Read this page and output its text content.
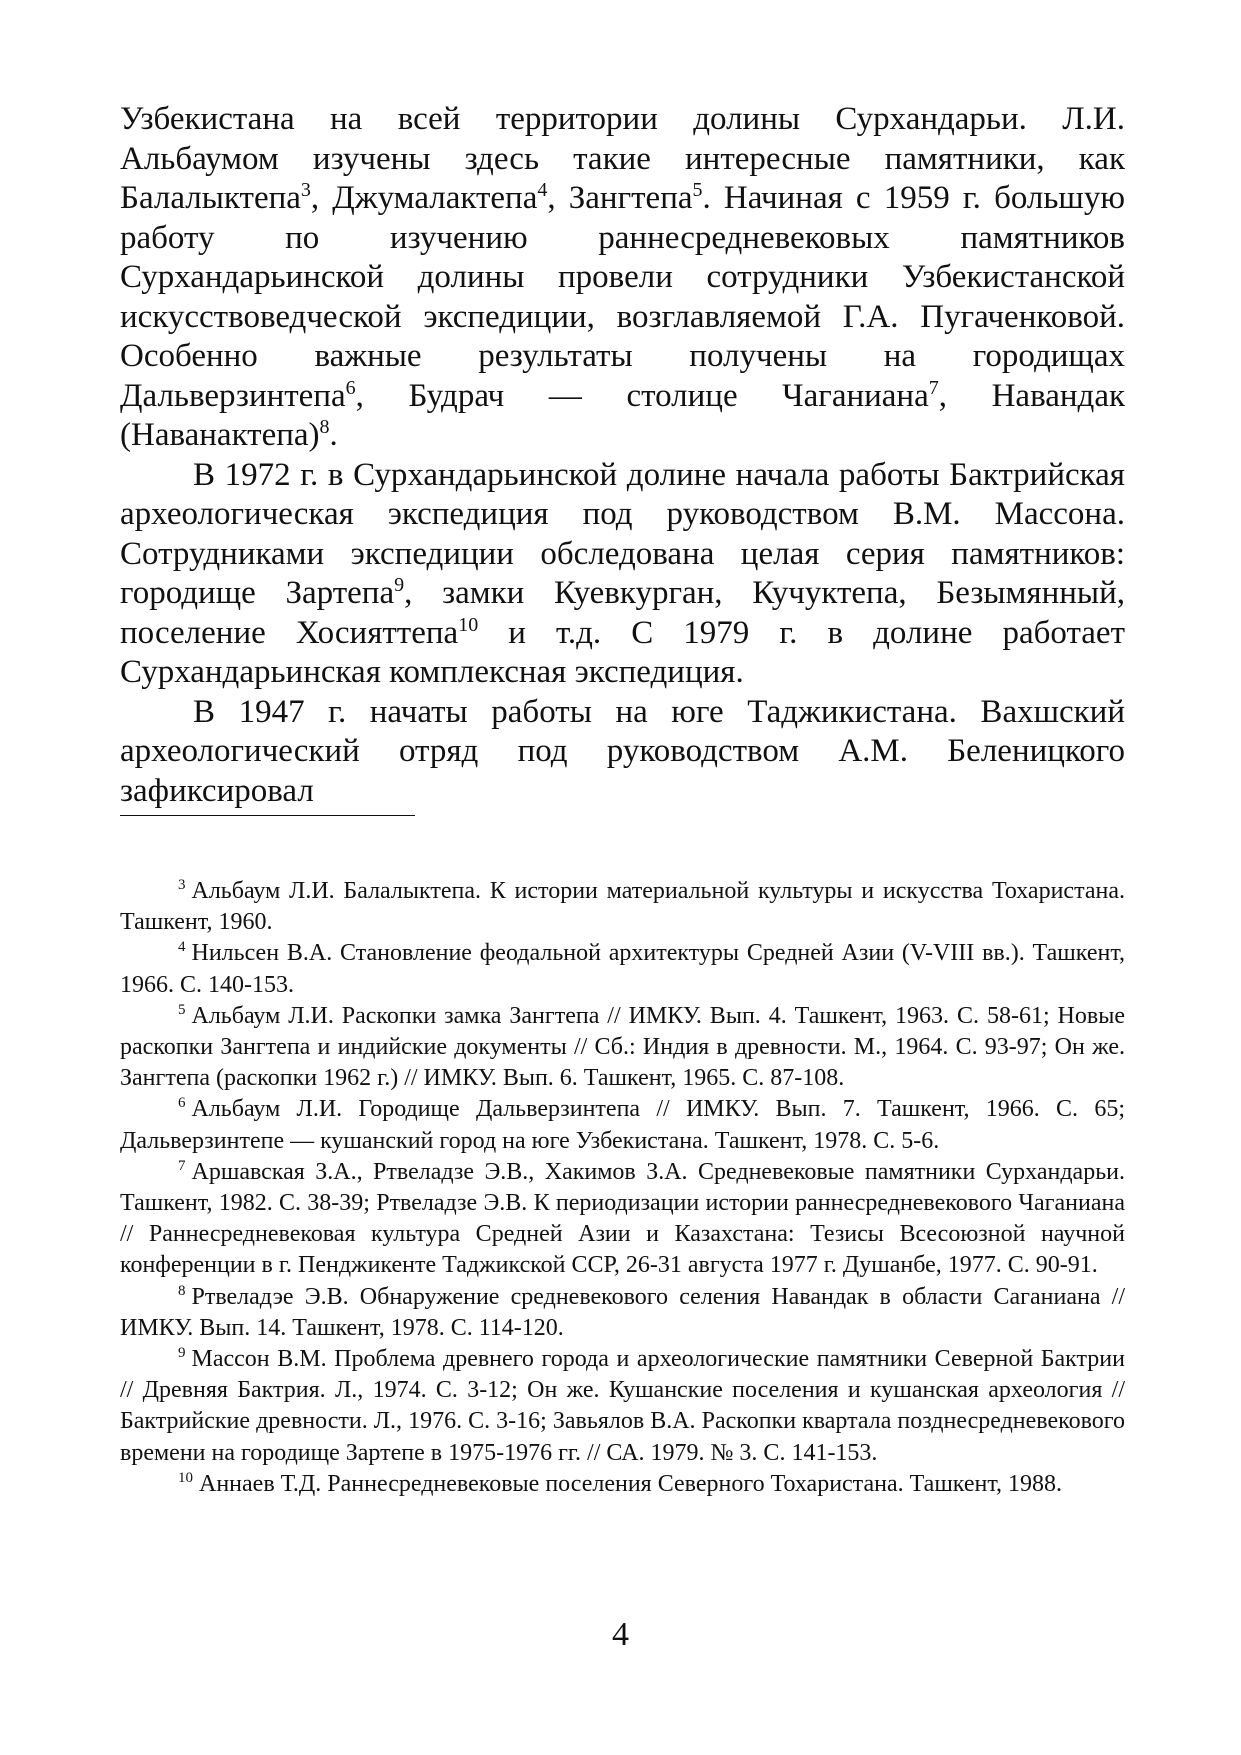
Узбекистана на всей территории долины Сурхандарьи. Л.И. Альбаумом изучены здесь такие интересные памятники, как Балалыктепа$^3$, Джумалактепа$^4$, Зангтепа$^5$. Начиная с 1959 г. большую работу по изучению раннесредневековых памятников Сурхандарьинской долины провели сотрудники Узбекистанской искусствоведческой экспедиции, возглавляемой Г.А. Пугаченковой. Особенно важные результаты получены на городищах Дальверзинтепа$^6$, Будрач — столице Чаганиана$^7$, Навандак (Наванактепа)$^8$.

В 1972 г. в Сурхандарьинской долине начала работы Бактрийская археологическая экспедиция под руководством В.М. Массона. Сотрудниками экспедиции обследована целая серия памятников: городище Зартепа$^9$, замки Куевкурган, Кучуктепа, Безымянный, поселение Хосияттепа$^{10}$ и т.д. С 1979 г. в долине работает Сурхандарьинская комплексная экспедиция.

В 1947 г. начаты работы на юге Таджикистана. Вахшский археологический отряд под руководством А.М. Беленицкого зафиксировал

$^3$ Альбаум Л.И. Балалыктепа. К истории материальной культуры и искусства Тохаристана. Ташкент, 1960.

$^4$ Нильсен В.А. Становление феодальной архитектуры Средней Азии (V-VIII вв.). Ташкент, 1966. С. 140-153.

$^5$ Альбаум Л.И. Раскопки замка Зангтепа // ИМКУ. Вып. 4. Ташкент, 1963. С. 58-61; Новые раскопки Зангтепа и индийские документы // Сб.: Индия в древности. М., 1964. С. 93-97; Он же. Зангтепа (раскопки 1962 г.) // ИМКУ. Вып. 6. Ташкент, 1965. С. 87-108.

$^6$ Альбаум Л.И. Городище Дальверзинтепа // ИМКУ. Вып. 7. Ташкент, 1966. С. 65; Дальверзинтепе — кушанский город на юге Узбекистана. Ташкент, 1978. С. 5-6.

$^7$ Аршавская З.А., Ртвеладзе Э.В., Хакимов З.А. Средневековые памятники Сурхандарьи. Ташкент, 1982. С. 38-39; Ртвеладзе Э.В. К периодизации истории раннесредневекового Чаганиана // Раннесредневековая культура Средней Азии и Казахстана: Тезисы Всесоюзной научной конференции в г. Пенджикенте Таджикской ССР, 26-31 августа 1977 г. Душанбе, 1977. С. 90-91.

$^8$ Ртвеладэе Э.В. Обнаружение средневекового селения Навандак в области Саганиана // ИМКУ. Вып. 14. Ташкент, 1978. С. 114-120.

$^9$ Массон В.М. Проблема древнего города и археологические памятники Северной Бактрии // Древняя Бактрия. Л., 1974. С. 3-12; Он же. Кушанские поселения и кушанская археология // Бактрийские древности. Л., 1976. С. 3-16; Завьялов В.А. Раскопки квартала позднесредневекового времени на городище Зартепе в 1975-1976 гг. // СА. 1979. № 3. С. 141-153.

$^{10}$ Аннаев Т.Д. Раннесредневековые поселения Северного Тохаристана. Ташкент, 1988.

4
